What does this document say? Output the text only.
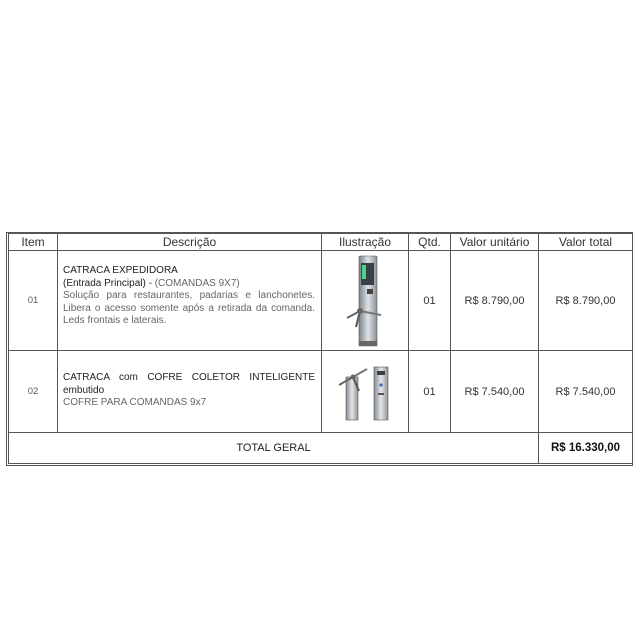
Item	Descrição	Ilustração	Qtd.	Valor unitário	Valor total
01	CATRACA EXPEDIDORA
(Entrada Principal) - (COMANDAS 9X7)
Solução para restaurantes, padarias e lanchonetes. Libera o acesso somente após a retirada da comanda. Leds frontais e laterais.		01	R$ 8.790,00	R$ 8.790,00
02	CATRACA com COFRE COLETOR INTELIGENTE
embutido
COFRE PARA COMANDAS 9x7		01	R$ 7.540,00	R$ 7.540,00
TOTAL GERAL					R$ 16.330,00
